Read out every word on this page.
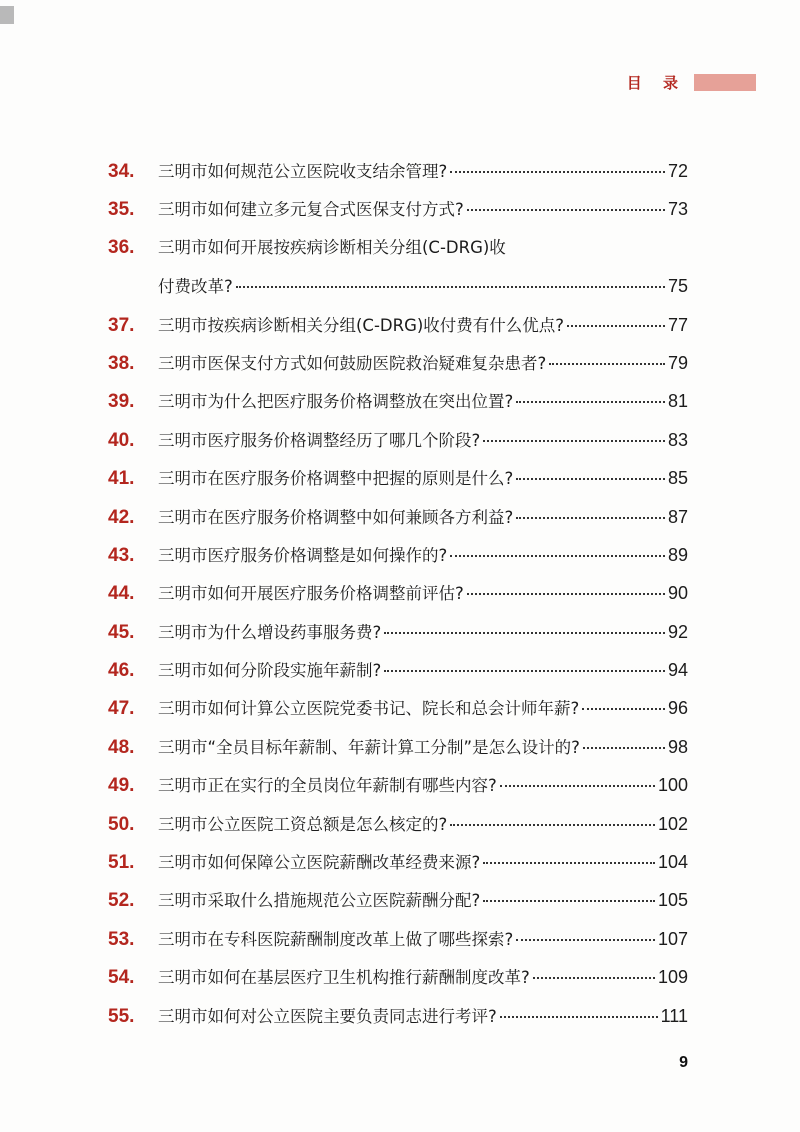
目 录
34.	三明市如何规范公立医院收支结余管理?	72
35.	三明市如何建立多元复合式医保支付方式?	73
36.	三明市如何开展按疾病诊断相关分组(C-DRG)收
付费改革?	75
37.	三明市按疾病诊断相关分组(C-DRG)收付费有什么优点?	77
38.	三明市医保支付方式如何鼓励医院救治疑难复杂患者?	79
39.	三明市为什么把医疗服务价格调整放在突出位置?	81
40.	三明市医疗服务价格调整经历了哪几个阶段?	83
41.	三明市在医疗服务价格调整中把握的原则是什么?	85
42.	三明市在医疗服务价格调整中如何兼顾各方利益?	87
43.	三明市医疗服务价格调整是如何操作的?	89
44.	三明市如何开展医疗服务价格调整前评估?	90
45.	三明市为什么增设药事服务费?	92
46.	三明市如何分阶段实施年薪制?	94
47.	三明市如何计算公立医院党委书记、院长和总会计师年薪?	96
48.	三明市“全员目标年薪制、年薪计算工分制”是怎么设计的?	98
49.	三明市正在实行的全员岗位年薪制有哪些内容?	100
50.	三明市公立医院工资总额是怎么核定的?	102
51.	三明市如何保障公立医院薪酬改革经费来源?	104
52.	三明市采取什么措施规范公立医院薪酬分配?	105
53.	三明市在专科医院薪酬制度改革上做了哪些探索?	107
54.	三明市如何在基层医疗卫生机构推行薪酬制度改革?	109
55.	三明市如何对公立医院主要负责同志进行考评?	111
9
